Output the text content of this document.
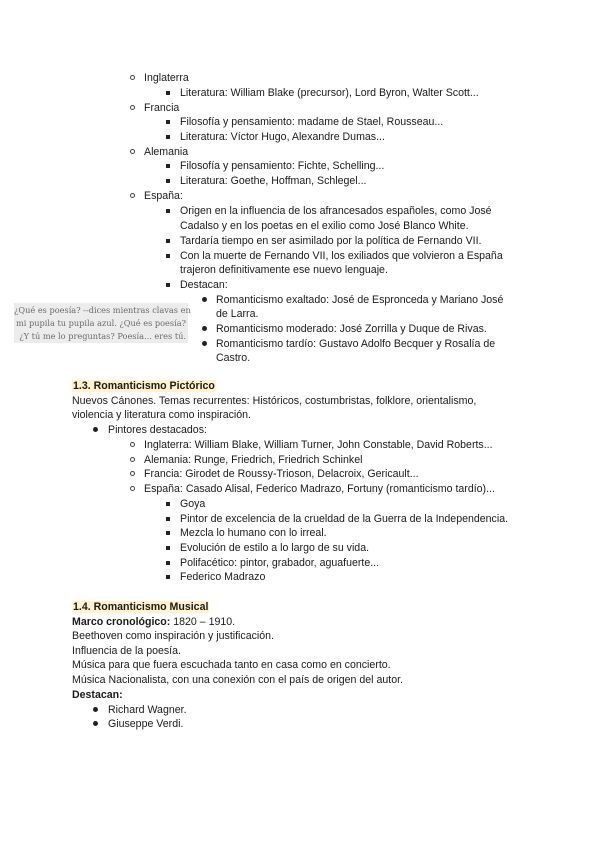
Inglaterra
Literatura: William Blake (precursor), Lord Byron, Walter Scott...
Francia
Filosofía y pensamiento: madame de Stael, Rousseau...
Literatura: Víctor Hugo, Alexandre Dumas...
Alemania
Filosofía y pensamiento: Fichte, Schelling...
Literatura: Goethe, Hoffman, Schlegel...
España:
Origen en la influencia de los afrancesados españoles, como José
Cadalso y en los poetas en el exilio como José Blanco White.
Tardaría tiempo en ser asimilado por la política de Fernando VII.
Con la muerte de Fernando VII, los exiliados que volvieron a España
trajeron definitivamente ese nuevo lenguaje.
Destacan:
Romanticismo exaltado: José de Espronceda y Mariano José
de Larra.
Romanticismo moderado: José Zorrilla y Duque de Rivas.
Romanticismo tardío: Gustavo Adolfo Becquer y Rosalía de
Castro.
¿Qué es poesía? --dices mientras clavas en
mi pupila tu pupila azul. ¿Qué es poesía?
¿Y tú me lo preguntas? Poesía... eres tú.
1.3. Romanticismo Pictórico
Nuevos Cánones. Temas recurrentes: Históricos, costumbristas, folklore, orientalismo,
violencia y literatura como inspiración.
Pintores destacados:
Inglaterra: William Blake, William Turner, John Constable, David Roberts...
Alemania: Runge, Friedrich, Friedrich Schinkel
Francia: Girodet de Roussy-Trioson, Delacroix, Gericault...
España: Casado Alisal, Federico Madrazo, Fortuny (romanticismo tardío)...
Goya
Pintor de excelencia de la crueldad de la Guerra de la Independencia.
Mezcla lo humano con lo irreal.
Evolución de estilo a lo largo de su vida.
Polifacético: pintor, grabador, aguafuerte...
Federico Madrazo
1.4. Romanticismo Musical
Marco cronológico: 1820 – 1910.
Beethoven como inspiración y justificación.
Influencia de la poesía.
Música para que fuera escuchada tanto en casa como en concierto.
Música Nacionalista, con una conexión con el país de origen del autor.
Destacan:
Richard Wagner.
Giuseppe Verdi.
